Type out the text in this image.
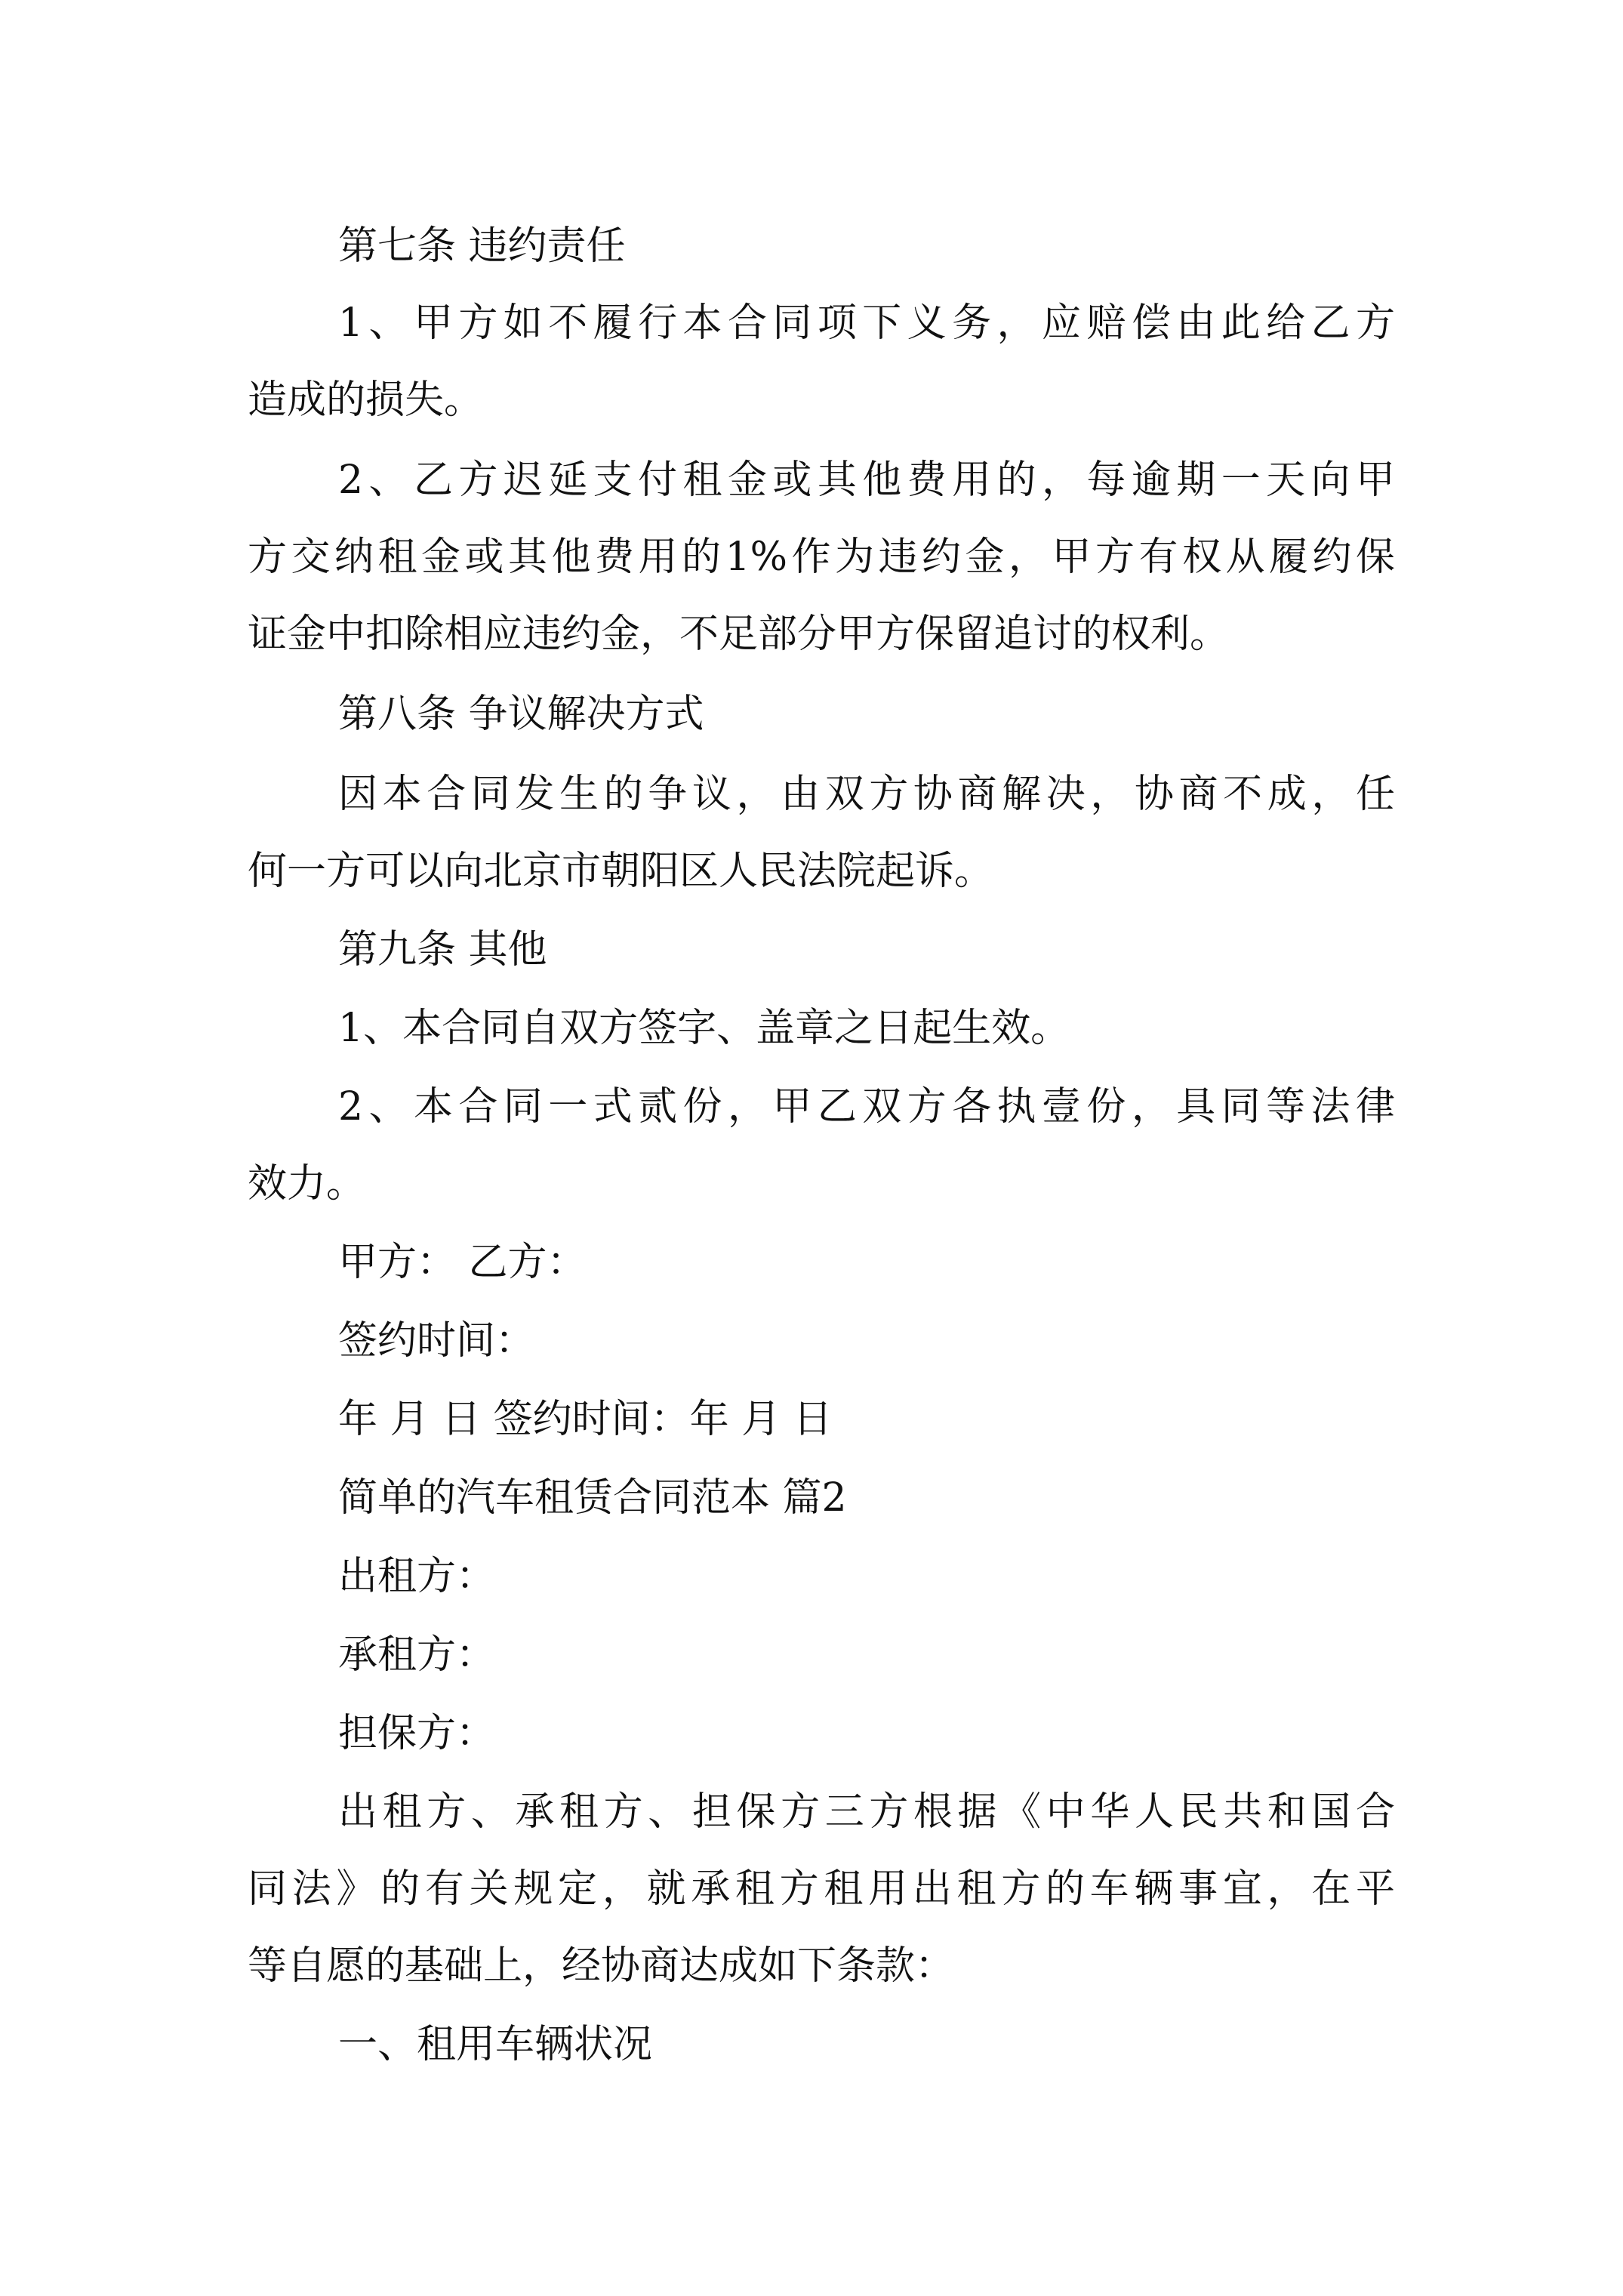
第七条 违约责任
1、甲方如不履行本合同项下义务，应赔偿由此给乙方
造成的损失。
2、乙方迟延支付租金或其他费用的，每逾期一天向甲
方交纳租金或其他费用的1%作为违约金，甲方有权从履约保
证金中扣除相应违约金，不足部分甲方保留追讨的权利。
第八条 争议解决方式
因本合同发生的争议，由双方协商解决，协商不成，任
何一方可以向北京市朝阳区人民法院起诉。
第九条 其他
1、本合同自双方签字、盖章之日起生效。
2、本合同一式贰份，甲乙双方各执壹份，具同等法律
效力。
甲方： 乙方：
签约时间：
年 月 日 签约时间：年 月 日
简单的汽车租赁合同范本 篇2
出租方：
承租方：
担保方：
出租方、承租方、担保方三方根据《中华人民共和国合
同法》的有关规定，就承租方租用出租方的车辆事宜，在平
等自愿的基础上，经协商达成如下条款：
一、租用车辆状况
